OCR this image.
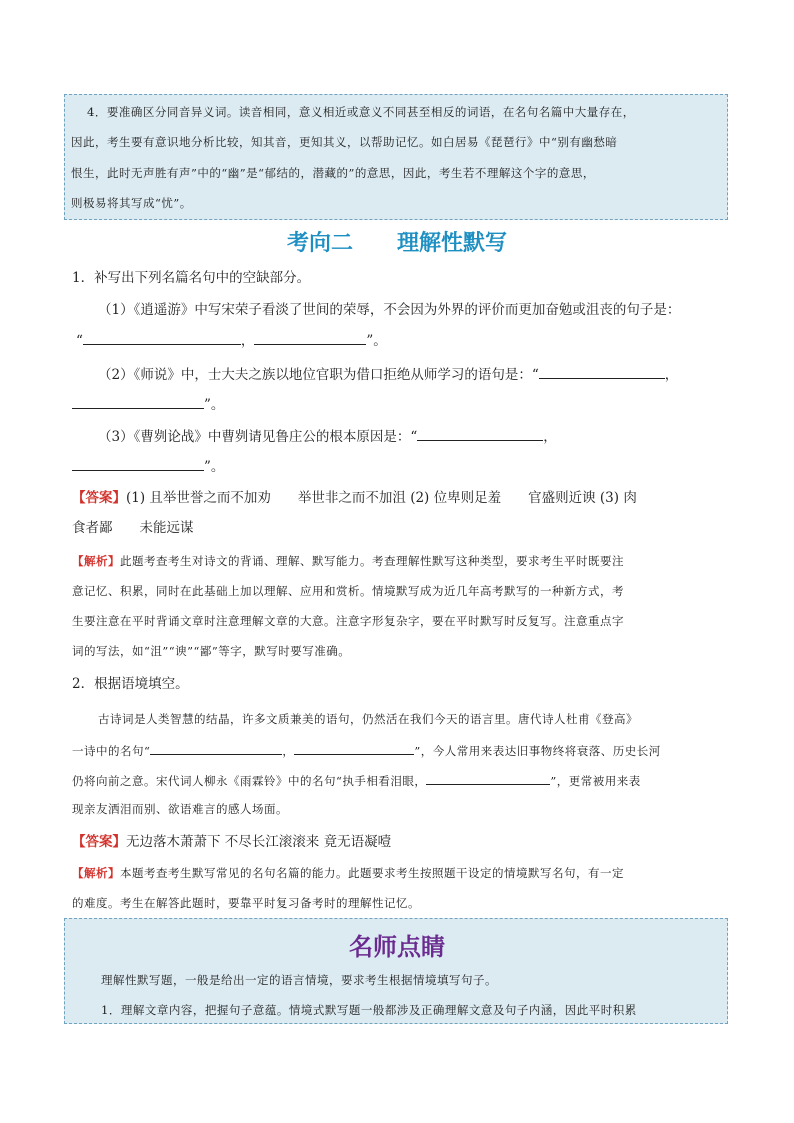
4．要准确区分同音异义词。读音相同，意义相近或意义不同甚至相反的词语，在名句名篇中大量存在，

因此，考生要有意识地分析比较，知其音，更知其义，以帮助记忆。如白居易《琵琶行》中“别有幽愁暗

恨生，此时无声胜有声”中的“幽”是“郁结的，潜藏的”的意思，因此，考生若不理解这个字的意思，

则极易将其写成“忧”。

考向二　　理解性默写

1．补写出下列名篇名句中的空缺部分。

（1）《逍遥游》中写宋荣子看淡了世间的荣辱，不会因为外界的评价而更加奋勉或沮丧的句子是：

“	，	”。
（2）《师说》中，士大夫之族以地位官职为借口拒绝从师学习的语句是：“	，
”。
（3）《曹刿论战》中曹刿请见鲁庄公的根本原因是：“	，
”。
【答案】(1) 且举世誉之而不加劝　　举世非之而不加沮 (2) 位卑则足羞　　官盛则近谀 (3) 肉

食者鄙　　未能远谋

【解析】此题考查考生对诗文的背诵、理解、默写能力。考查理解性默写这种类型，要求考生平时既要注

意记忆、积累，同时在此基础上加以理解、应用和赏析。情境默写成为近几年高考默写的一种新方式，考

生要注意在平时背诵文章时注意理解文章的大意。注意字形复杂字，要在平时默写时反复写。注意重点字

词的写法，如“沮”“谀”“鄙”等字，默写时要写准确。

2．根据语境填空。

古诗词是人类智慧的结晶，许多文质兼美的语句，仍然活在我们今天的语言里。唐代诗人杜甫《登高》

一诗中的名句“	，	”，今人常用来表达旧事物终将衰落、历史长河
仍将向前之意。宋代词人柳永《雨霖铃》中的名句“执手相看泪眼，	”，更常被用来表

现亲友洒泪而别、欲语难言的感人场面。

【答案】无边落木萧萧下 不尽长江滚滚来 竟无语凝噎
【解析】本题考查考生默写常见的名句名篇的能力。此题要求考生按照题干设定的情境默写名句，有一定

的难度。考生在解答此题时，要靠平时复习备考时的理解性记忆。

名师点睛

理解性默写题，一般是给出一定的语言情境，要求考生根据情境填写句子。

1．理解文章内容，把握句子意蕴。情境式默写题一般都涉及正确理解文意及句子内涵，因此平时积累
